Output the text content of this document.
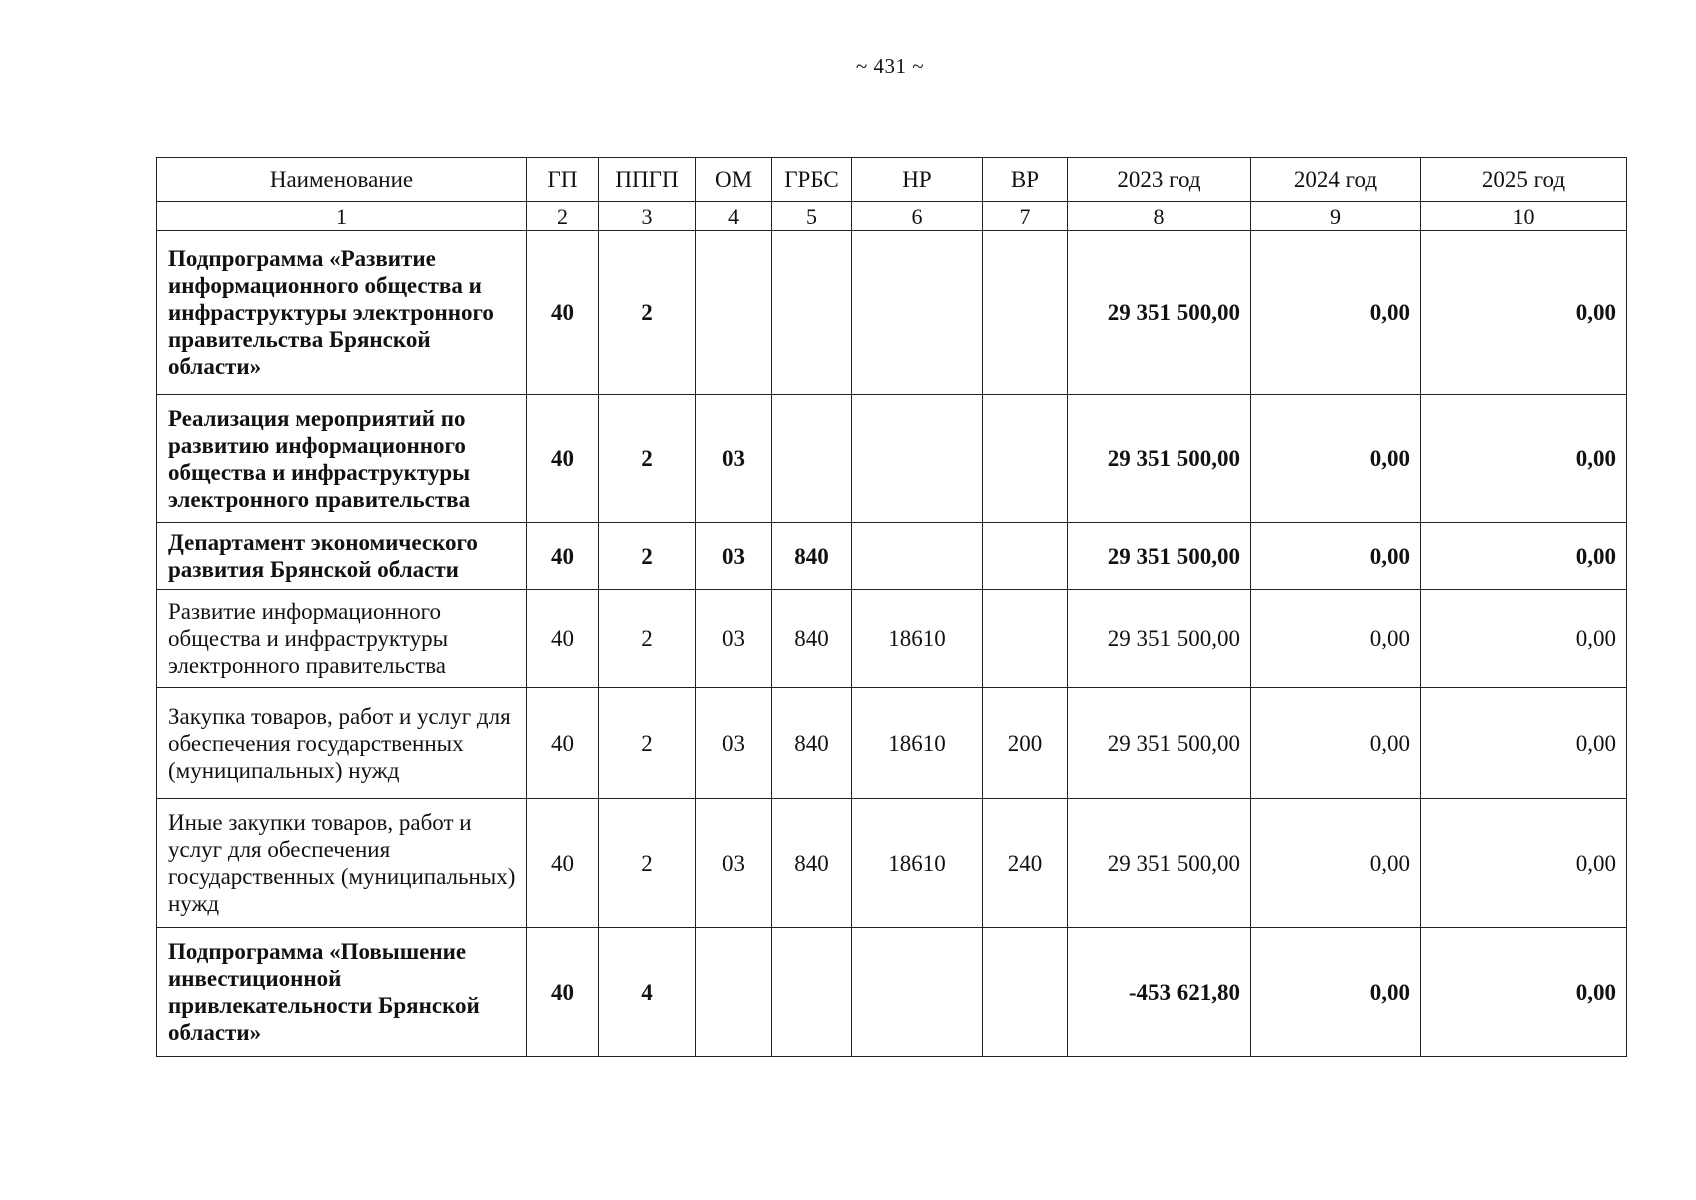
~ 431 ~
Наименование	ГП	ППГП	ОМ	ГРБС	НР	ВР	2023 год	2024 год	2025 год
1	2	3	4	5	6	7	8	9	10
Подпрограмма «Развитие информационного общества и инфраструктуры электронного правительства Брянской области»	40	2					29 351 500,00	0,00	0,00
Реализация мероприятий по развитию информационного общества и инфраструктуры электронного правительства	40	2	03				29 351 500,00	0,00	0,00
Департамент экономического развития Брянской области	40	2	03	840			29 351 500,00	0,00	0,00
Развитие информационного общества и инфраструктуры электронного правительства	40	2	03	840	18610		29 351 500,00	0,00	0,00
Закупка товаров, работ и услуг для обеспечения государственных (муниципальных) нужд	40	2	03	840	18610	200	29 351 500,00	0,00	0,00
Иные закупки товаров, работ и услуг для обеспечения государственных (муниципальных) нужд	40	2	03	840	18610	240	29 351 500,00	0,00	0,00
Подпрограмма «Повышение инвестиционной привлекательности Брянской области»	40	4					-453 621,80	0,00	0,00
